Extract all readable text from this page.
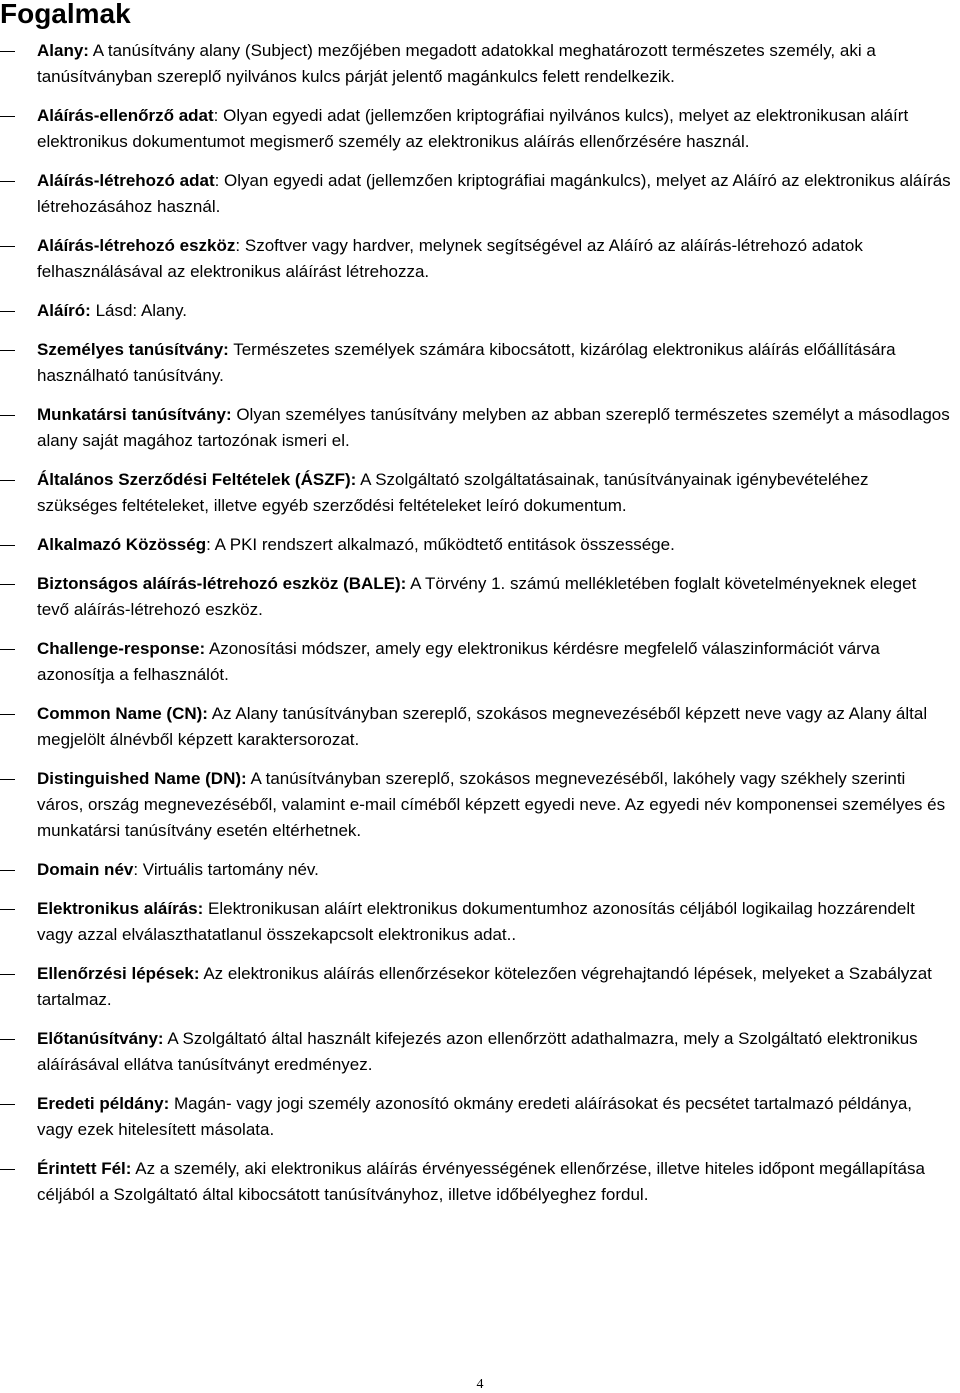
Fogalmak
Alany: A tanúsítvány alany (Subject) mezőjében megadott adatokkal meghatározott természetes személy, aki a tanúsítványban szereplő nyilvános kulcs párját jelentő magánkulcs felett rendelkezik.
Aláírás-ellenőrző adat: Olyan egyedi adat (jellemzően kriptográfiai nyilvános kulcs), melyet az elektronikusan aláírt elektronikus dokumentumot megismerő személy az elektronikus aláírás ellenőrzésére használ.
Aláírás-létrehozó adat: Olyan egyedi adat (jellemzően kriptográfiai magánkulcs), melyet az Aláíró az elektronikus aláírás létrehozásához használ.
Aláírás-létrehozó eszköz: Szoftver vagy hardver, melynek segítségével az Aláíró az aláírás-létrehozó adatok felhasználásával az elektronikus aláírást létrehozza.
Aláíró: Lásd: Alany.
Személyes tanúsítvány: Természetes személyek számára kibocsátott, kizárólag elektronikus aláírás előállítására használható tanúsítvány.
Munkatársi tanúsítvány: Olyan személyes tanúsítvány melyben az abban szereplő természetes személyt a másodlagos alany saját magához tartozónak ismeri el.
Általános Szerződési Feltételek (ÁSZF): A Szolgáltató szolgáltatásainak, tanúsítványainak igénybevételéhez szükséges feltételeket, illetve egyéb szerződési feltételeket leíró dokumentum.
Alkalmazó Közösség: A PKI rendszert alkalmazó, működtető entitások összessége.
Biztonságos aláírás-létrehozó eszköz (BALE): A Törvény 1. számú mellékletében foglalt követelményeknek eleget tevő aláírás-létrehozó eszköz.
Challenge-response: Azonosítási módszer, amely egy elektronikus kérdésre megfelelő válaszinformációt várva azonosítja a felhasználót.
Common Name (CN): Az Alany tanúsítványban szereplő, szokásos megnevezéséből képzett neve vagy az Alany által megjelölt álnévből képzett karaktersorozat.
Distinguished Name (DN): A tanúsítványban szereplő, szokásos megnevezéséből, lakóhely vagy székhely szerinti város, ország megnevezéséből, valamint e-mail címéből képzett egyedi neve. Az egyedi név komponensei személyes és munkatársi tanúsítvány esetén eltérhetnek.
Domain név: Virtuális tartomány név.
Elektronikus aláírás: Elektronikusan aláírt elektronikus dokumentumhoz azonosítás céljából logikailag hozzárendelt vagy azzal elválaszthatatlanul összekapcsolt elektronikus adat..
Ellenőrzési lépések: Az elektronikus aláírás ellenőrzésekor kötelezően végrehajtandó lépések, melyeket a Szabályzat tartalmaz.
Előtanúsítvány: A Szolgáltató által használt kifejezés azon ellenőrzött adathalmazra, mely a Szolgáltató elektronikus aláírásával ellátva tanúsítványt eredményez.
Eredeti példány: Magán- vagy jogi személy azonosító okmány eredeti aláírásokat és pecsétet tartalmazó példánya, vagy ezek hitelesített másolata.
Érintett Fél: Az a személy, aki elektronikus aláírás érvényességének ellenőrzése, illetve hiteles időpont megállapítása céljából a Szolgáltató által kibocsátott tanúsítványhoz, illetve időbélyeghez fordul.
4
